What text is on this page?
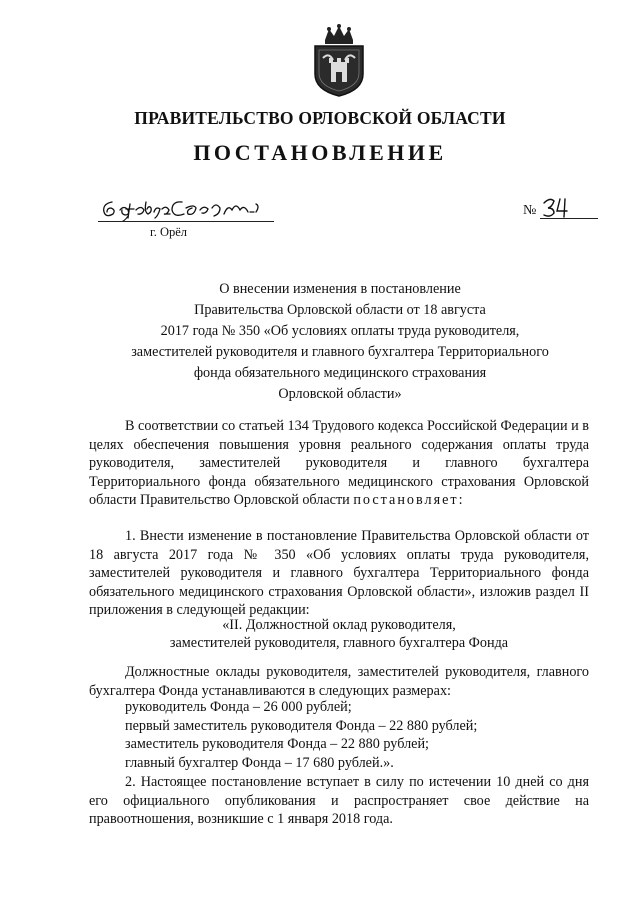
ПРАВИТЕЛЬСТВО ОРЛОВСКОЙ ОБЛАСТИ
ПОСТАНОВЛЕНИЕ
г. Орёл
№
О внесении изменения в постановление
Правительства Орловской области от 18 августа
2017 года № 350 «Об условиях оплаты труда руководителя,
заместителей руководителя и главного бухгалтера Территориального
фонда обязательного медицинского страхования
Орловской области»
В соответствии со статьей 134 Трудового кодекса Российской Федерации и в целях обеспечения повышения уровня реального содержания оплаты труда руководителя, заместителей руководителя и главного бухгалтера Территориального фонда обязательного медицинского страхования Орловской области Правительство Орловской области постановляет:
1. Внести изменение в постановление Правительства Орловской области от 18 августа 2017 года № 350 «Об условиях оплаты труда руководителя, заместителей руководителя и главного бухгалтера Территориального фонда обязательного медицинского страхования Орловской области», изложив раздел II приложения в следующей редакции:
«II. Должностной оклад руководителя,
заместителей руководителя, главного бухгалтера Фонда
Должностные оклады руководителя, заместителей руководителя, главного бухгалтера Фонда устанавливаются в следующих размерах:
руководитель Фонда – 26 000 рублей;
первый заместитель руководителя Фонда – 22 880 рублей;
заместитель руководителя Фонда – 22 880 рублей;
главный бухгалтер Фонда – 17 680 рублей.».
2. Настоящее постановление вступает в силу по истечении 10 дней со дня его официального опубликования и распространяет свое действие на правоотношения, возникшие с 1 января 2018 года.
